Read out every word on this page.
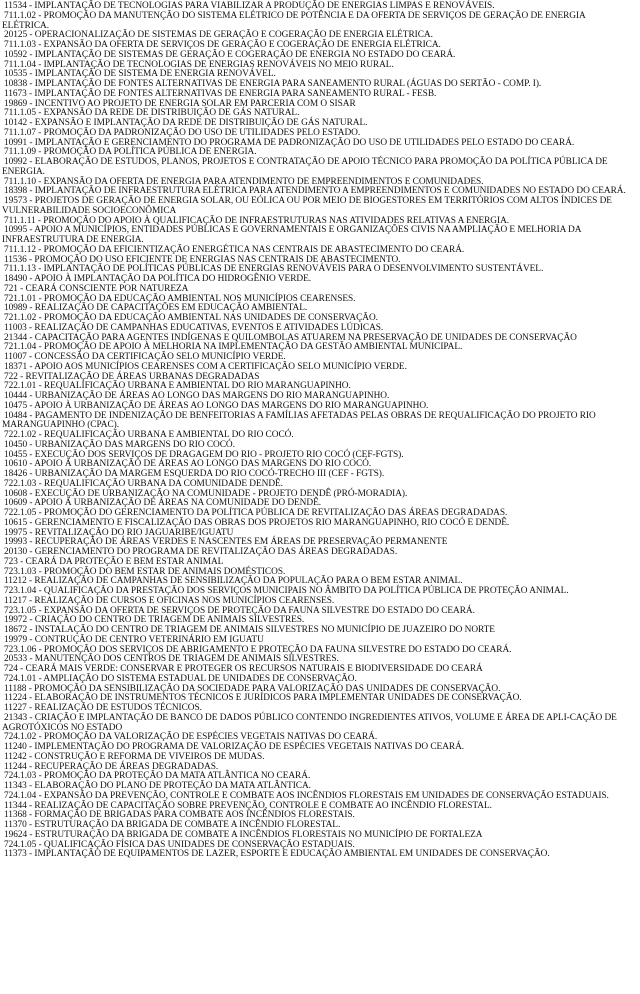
11534 - IMPLANTAÇÃO DE TECNOLOGIAS PARA VIABILIZAR A PRODUÇÃO DE ENERGIAS LIMPAS E RENOVÁVEIS.

711.1.02 - PROMOÇÃO DA MANUTENÇÃO DO SISTEMA ELÉTRICO DE POTÊNCIA E DA OFERTA DE SERVIÇOS DE GERAÇÃO DE ENERGIA ELÉTRICA.

20125 - OPERACIONALIZAÇÃO DE SISTEMAS DE GERAÇÃO E COGERAÇÃO DE ENERGIA ELÉTRICA.

711.1.03 - EXPANSÃO DA OFERTA DE SERVIÇOS DE GERAÇÃO E COGERAÇÃO DE ENERGIA ELÉTRICA.

10592 - IMPLANTAÇÃO DE SISTEMAS DE GERAÇÃO E COGERAÇÃO DE ENERGIA NO ESTADO DO CEARÁ.

711.1.04 - IMPLANTAÇÃO DE TECNOLOGIAS DE ENERGIAS RENOVÁVEIS NO MEIO RURAL.

10535 - IMPLANTAÇÃO DE SISTEMA DE ENERGIA RENOVÁVEL.

10838 - IMPLANTAÇÃO DE FONTES ALTERNATIVAS DE ENERGIA PARA SANEAMENTO RURAL (ÁGUAS DO SERTÃO - COMP. I).

11673 - IMPLANTAÇÃO DE FONTES ALTERNATIVAS DE ENERGIA PARA SANEAMENTO RURAL - FESB.

19869 - INCENTIVO AO PROJETO DE ENERGIA SOLAR EM PARCERIA COM O SISAR

711.1.05 - EXPANSÃO DA REDE DE DISTRIBUIÇÃO DE GÁS NATURAL.

10142 - EXPANSÃO E IMPLANTAÇÃO DA REDE DE DISTRIBUIÇÃO DE GÁS NATURAL.

711.1.07 - PROMOÇÃO DA PADRONIZAÇÃO DO USO DE UTILIDADES PELO ESTADO.

10991 - IMPLANTAÇÃO E GERENCIAMENTO DO PROGRAMA DE PADRONIZAÇÃO DO USO DE UTILIDADES PELO ESTADO DO CEARÁ.

711.1.09 - PROMOÇÃO DA POLÍTICA PÚBLICA DE ENERGIA.

10992 - ELABORAÇÃO DE ESTUDOS, PLANOS, PROJETOS E CONTRATAÇÃO DE APOIO TÉCNICO PARA PROMOÇÃO DA POLÍTICA PÚBLICA DE ENERGIA.

711.1.10 - EXPANSÃO DA OFERTA DE ENERGIA PARA ATENDIMENTO DE EMPREENDIMENTOS E COMUNIDADES.

18398 - IMPLANTAÇÃO DE INFRAESTRUTURA ELÉTRICA PARA ATENDIMENTO A EMPREENDIMENTOS E COMUNIDADES NO ESTADO DO CEARÁ.

19573 - PROJETOS DE GERAÇÃO DE ENERGIA SOLAR, OU EÓLICA OU POR MEIO DE BIOGESTORES EM TERRITÓRIOS COM ALTOS ÍNDICES DE VULNERABILIDADE SOCIOECONÔMICA

711.1.11 - PROMOÇÃO DO APOIO À QUALIFICAÇÃO DE INFRAESTRUTURAS NAS ATIVIDADES RELATIVAS A ENERGIA.

10995 - APOIO A MUNICÍPIOS, ENTIDADES PÚBLICAS E GOVERNAMENTAIS E ORGANIZAÇÕES CIVIS NA AMPLIAÇÃO E MELHORIA DA INFRAESTRUTURA DE ENERGIA.

711.1.12 - PROMOÇÃO DA EFICIENTIZAÇÃO ENERGÉTICA NAS CENTRAIS DE ABASTECIMENTO DO CEARÁ.

11536 - PROMOÇÃO DO USO EFICIENTE DE ENERGIAS NAS CENTRAIS DE ABASTECIMENTO.

711.1.13 - IMPLANTAÇÃO DE POLÍTICAS PÚBLICAS DE ENERGIAS RENOVÁVEIS PARA O DESENVOLVIMENTO SUSTENTÁVEL.

18490 - APOIO À IMPLANTAÇÃO DA POLÍTICA DO HIDROGÊNIO VERDE.

721 - CEARÁ CONSCIENTE POR NATUREZA

721.1.01 - PROMOÇÃO DA EDUCAÇÃO AMBIENTAL NOS MUNICÍPIOS CEARENSES.

10989 - REALIZAÇÃO DE CAPACITAÇÕES EM EDUCAÇÃO AMBIENTAL.

721.1.02 - PROMOÇÃO DA EDUCAÇÃO AMBIENTAL NAS UNIDADES DE CONSERVAÇÃO.

11003 - REALIZAÇÃO DE CAMPANHAS EDUCATIVAS, EVENTOS E ATIVIDADES LÚDICAS.

21344 - CAPACITAÇÃO PARA AGENTES INDÍGENAS E QUILOMBOLAS ATUAREM NA PRESERVAÇÃO DE UNIDADES DE CONSERVAÇÃO

721.1.04 - PROMOÇÃO DE APOIO À MELHORIA NA IMPLEMENTAÇÃO DA GESTÃO AMBIENTAL MUNICIPAL.

11007 - CONCESSÃO DA CERTIFICAÇÃO SELO MUNICÍPIO VERDE.

18371 - APOIO AOS MUNICÍPIOS CEARENSES COM A CERTIFICAÇÃO SELO MUNICÍPIO VERDE.

722 - REVITALIZAÇÃO DE ÁREAS URBANAS DEGRADADAS

722.1.01 - REQUALIFICAÇÃO URBANA E AMBIENTAL DO RIO MARANGUAPINHO.

10444 - URBANIZAÇÃO DE ÁREAS AO LONGO DAS MARGENS DO RIO MARANGUAPINHO.

10475 - APOIO À URBANIZAÇÃO DE ÁREAS AO LONGO DAS MARGENS DO RIO MARANGUAPINHO.

10484 - PAGAMENTO DE INDENIZAÇÃO DE BENFEITORIAS A FAMÍLIAS AFETADAS PELAS OBRAS DE REQUALIFICAÇÃO DO PROJETO RIO MARANGUAPINHO (CPAC).

722.1.02 - REQUALIFICAÇÃO URBANA E AMBIENTAL DO RIO COCÓ.

10450 - URBANIZAÇÃO DAS MARGENS DO RIO COCÓ.

10455 - EXECUÇÃO DOS SERVIÇOS DE DRAGAGEM DO RIO - PROJETO RIO COCÓ (CEF-FGTS).

10610 - APOIO À URBANIZAÇÃO DE ÁREAS AO LONGO DAS MARGENS DO RIO COCÓ.

18426 - URBANIZAÇÃO DA MARGEM ESQUERDA DO RIO COCÓ-TRECHO III (CEF - FGTS).

722.1.03 - REQUALIFICAÇÃO URBANA DA COMUNIDADE DENDÊ.

10608 - EXECUÇÃO DE URBANIZAÇÃO NA COMUNIDADE - PROJETO DENDÊ (PRÓ-MORADIA).

10609 - APOIO À URBANIZAÇÃO DE ÁREAS NA COMUNIDADE DO DENDÊ.

722.1.05 - PROMOÇÃO DO GERENCIAMENTO DA POLÍTICA PÚBLICA DE REVITALIZAÇÃO DAS ÁREAS DEGRADADAS.

10615 - GERENCIAMENTO E FISCALIZAÇÃO DAS OBRAS DOS PROJETOS RIO MARANGUAPINHO, RIO COCÓ E DENDÊ.

19975 - REVITALIZAÇÃO DO RIO JAGUARIBE/IGUATU

19993 - RECUPERAÇÃO DE ÁREAS VERDES E NASCENTES EM ÁREAS DE PRESERVAÇÃO PERMANENTE

20130 - GERENCIAMENTO DO PROGRAMA DE REVITALIZAÇÃO DAS ÁREAS DEGRADADAS.

723 - CEARÁ DA PROTEÇÃO E BEM ESTAR ANIMAL

723.1.03 - PROMOÇÃO DO BEM ESTAR DE ANIMAIS DOMÉSTICOS.

11212 - REALIZAÇÃO DE CAMPANHAS DE SENSIBILIZAÇÃO DA POPULAÇÃO PARA O BEM ESTAR ANIMAL.

723.1.04 - QUALIFICAÇÃO DA PRESTAÇÃO DOS SERVIÇOS MUNICIPAIS NO ÂMBITO DA POLÍTICA PÚBLICA DE PROTEÇÃO ANIMAL.

11217 - REALIZAÇÃO DE CURSOS E OFICINAS NOS MUNICÍPIOS CEARENSES.

723.1.05 - EXPANSÃO DA OFERTA DE SERVIÇOS DE PROTEÇÃO DA FAUNA SILVESTRE DO ESTADO DO CEARÁ.

19972 - CRIAÇÃO DO CENTRO DE TRIAGEM DE ANIMAIS SILVESTRES.

18672 - INSTALAÇÃO DO CENTRO DE TRIAGEM DE ANIMAIS SILVESTRES NO MUNICÍPIO DE JUAZEIRO DO NORTE

19979 - CONTRUÇÃO DE CENTRO VETERINÁRIO EM IGUATU

723.1.06 - PROMOÇÃO DOS SERVIÇOS DE ABRIGAMENTO E PROTEÇÃO DA FAUNA SILVESTRE DO ESTADO DO CEARÁ.

20533 - MANUTENÇÃO DOS CENTROS DE TRIAGEM DE ANIMAIS SILVESTRES.

724 - CEARÁ MAIS VERDE: CONSERVAR E PROTEGER OS RECURSOS NATURAIS E BIODIVERSIDADE DO CEARÁ

724.1.01 - AMPLIAÇÃO DO SISTEMA ESTADUAL DE UNIDADES DE CONSERVAÇÃO.

11188 - PROMOÇÃO DA SENSIBILIZAÇÃO DA SOCIEDADE PARA VALORIZAÇÃO DAS UNIDADES DE CONSERVAÇÃO.

11224 - ELABORAÇÃO DE INSTRUMENTOS TÉCNICOS E JURÍDICOS PARA IMPLEMENTAR UNIDADES DE CONSERVAÇÃO.

11227 - REALIZAÇÃO DE ESTUDOS TÉCNICOS.

21343 - CRIAÇÃO E IMPLANTAÇÃO DE BANCO DE DADOS PÚBLICO CONTENDO INGREDIENTES ATIVOS, VOLUME E ÁREA DE APLI-CAÇÃO DE AGROTÓXICOS NO ESTADO

724.1.02 - PROMOÇÃO DA VALORIZAÇÃO DE ESPÉCIES VEGETAIS NATIVAS DO CEARÁ.

11240 - IMPLEMENTAÇÃO DO PROGRAMA DE VALORIZAÇÃO DE ESPÉCIES VEGETAIS NATIVAS DO CEARÁ.

11242 - CONSTRUÇÃO E REFORMA DE VIVEIROS DE MUDAS.

11244 - RECUPERAÇÃO DE ÁREAS DEGRADADAS.

724.1.03 - PROMOÇÃO DA PROTEÇÃO DA MATA ATLÂNTICA NO CEARÁ.

11343 - ELABORAÇÃO DO PLANO DE PROTEÇÃO DA MATA ATLÂNTICA.

724.1.04 - EXPANSÃO DA PREVENÇÃO, CONTROLE E COMBATE AOS INCÊNDIOS FLORESTAIS EM UNIDADES DE CONSERVAÇÃO ESTADUAIS.

11344 - REALIZAÇÃO DE CAPACITAÇÃO SOBRE PREVENÇÃO, CONTROLE E COMBATE AO INCÊNDIO FLORESTAL.

11368 - FORMAÇÃO DE BRIGADAS PARA COMBATE AOS INCÊNDIOS FLORESTAIS.

11370 - ESTRUTURAÇÃO DA BRIGADA DE COMBATE A INCÊNDIO FLORESTAL.

19624 - ESTRUTURAÇÃO DA BRIGADA DE COMBATE A INCÊNDIOS FLORESTAIS NO MUNICÍPIO DE FORTALEZA

724.1.05 - QUALIFICAÇÃO FÍSICA DAS UNIDADES DE CONSERVAÇÃO ESTADUAIS.

11373 - IMPLANTAÇÃO DE EQUIPAMENTOS DE LAZER, ESPORTE E EDUCAÇÃO AMBIENTAL EM UNIDADES DE CONSERVAÇÃO.
